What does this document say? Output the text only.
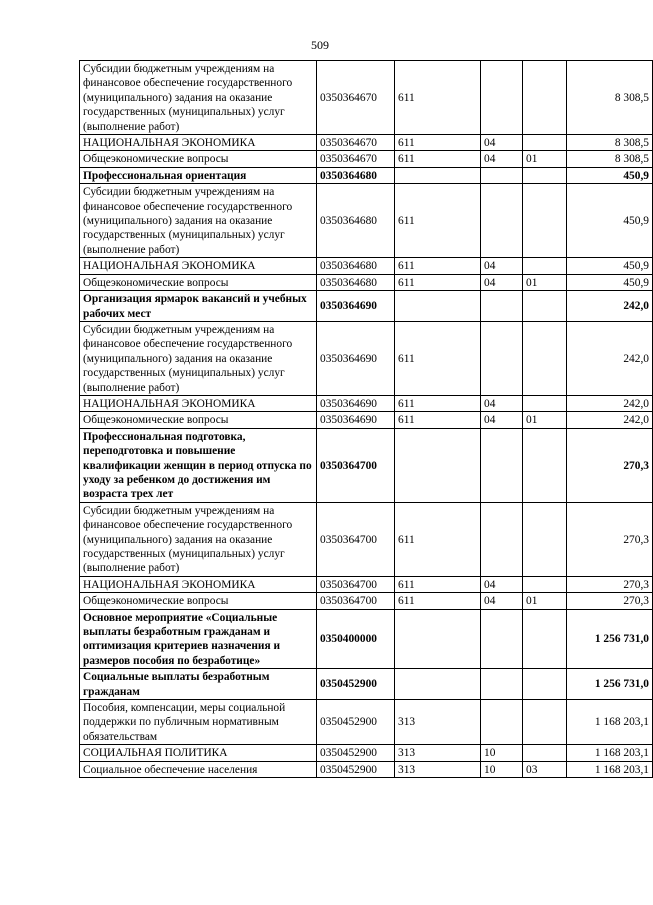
509
Субсидии бюджетным учреждениям на финансовое обеспечение государственного (муниципального) задания на оказание государственных (муниципальных) услуг (выполнение работ)	0350364670	611			8 308,5
НАЦИОНАЛЬНАЯ ЭКОНОМИКА	0350364670	611	04		8 308,5
Общеэкономические вопросы	0350364670	611	04	01	8 308,5
Профессиональная ориентация	0350364680				450,9
Субсидии бюджетным учреждениям на финансовое обеспечение государственного (муниципального) задания на оказание государственных (муниципальных) услуг (выполнение работ)	0350364680	611			450,9
НАЦИОНАЛЬНАЯ ЭКОНОМИКА	0350364680	611	04		450,9
Общеэкономические вопросы	0350364680	611	04	01	450,9
Организация ярмарок вакансий и учебных рабочих мест	0350364690				242,0
Субсидии бюджетным учреждениям на финансовое обеспечение государственного (муниципального) задания на оказание государственных (муниципальных) услуг (выполнение работ)	0350364690	611			242,0
НАЦИОНАЛЬНАЯ ЭКОНОМИКА	0350364690	611	04		242,0
Общеэкономические вопросы	0350364690	611	04	01	242,0
Профессиональная подготовка, переподготовка и повышение квалификации женщин в период отпуска по уходу за ребенком до достижения им возраста трех лет	0350364700				270,3
Субсидии бюджетным учреждениям на финансовое обеспечение государственного (муниципального) задания на оказание государственных (муниципальных) услуг (выполнение работ)	0350364700	611			270,3
НАЦИОНАЛЬНАЯ ЭКОНОМИКА	0350364700	611	04		270,3
Общеэкономические вопросы	0350364700	611	04	01	270,3
Основное мероприятие «Социальные выплаты безработным гражданам и оптимизация критериев назначения и размеров пособия по безработице»	0350400000				1 256 731,0
Социальные выплаты безработным гражданам	0350452900				1 256 731,0
Пособия, компенсации, меры социальной поддержки по публичным нормативным обязательствам	0350452900	313			1 168 203,1
СОЦИАЛЬНАЯ ПОЛИТИКА	0350452900	313	10		1 168 203,1
Социальное обеспечение населения	0350452900	313	10	03	1 168 203,1
